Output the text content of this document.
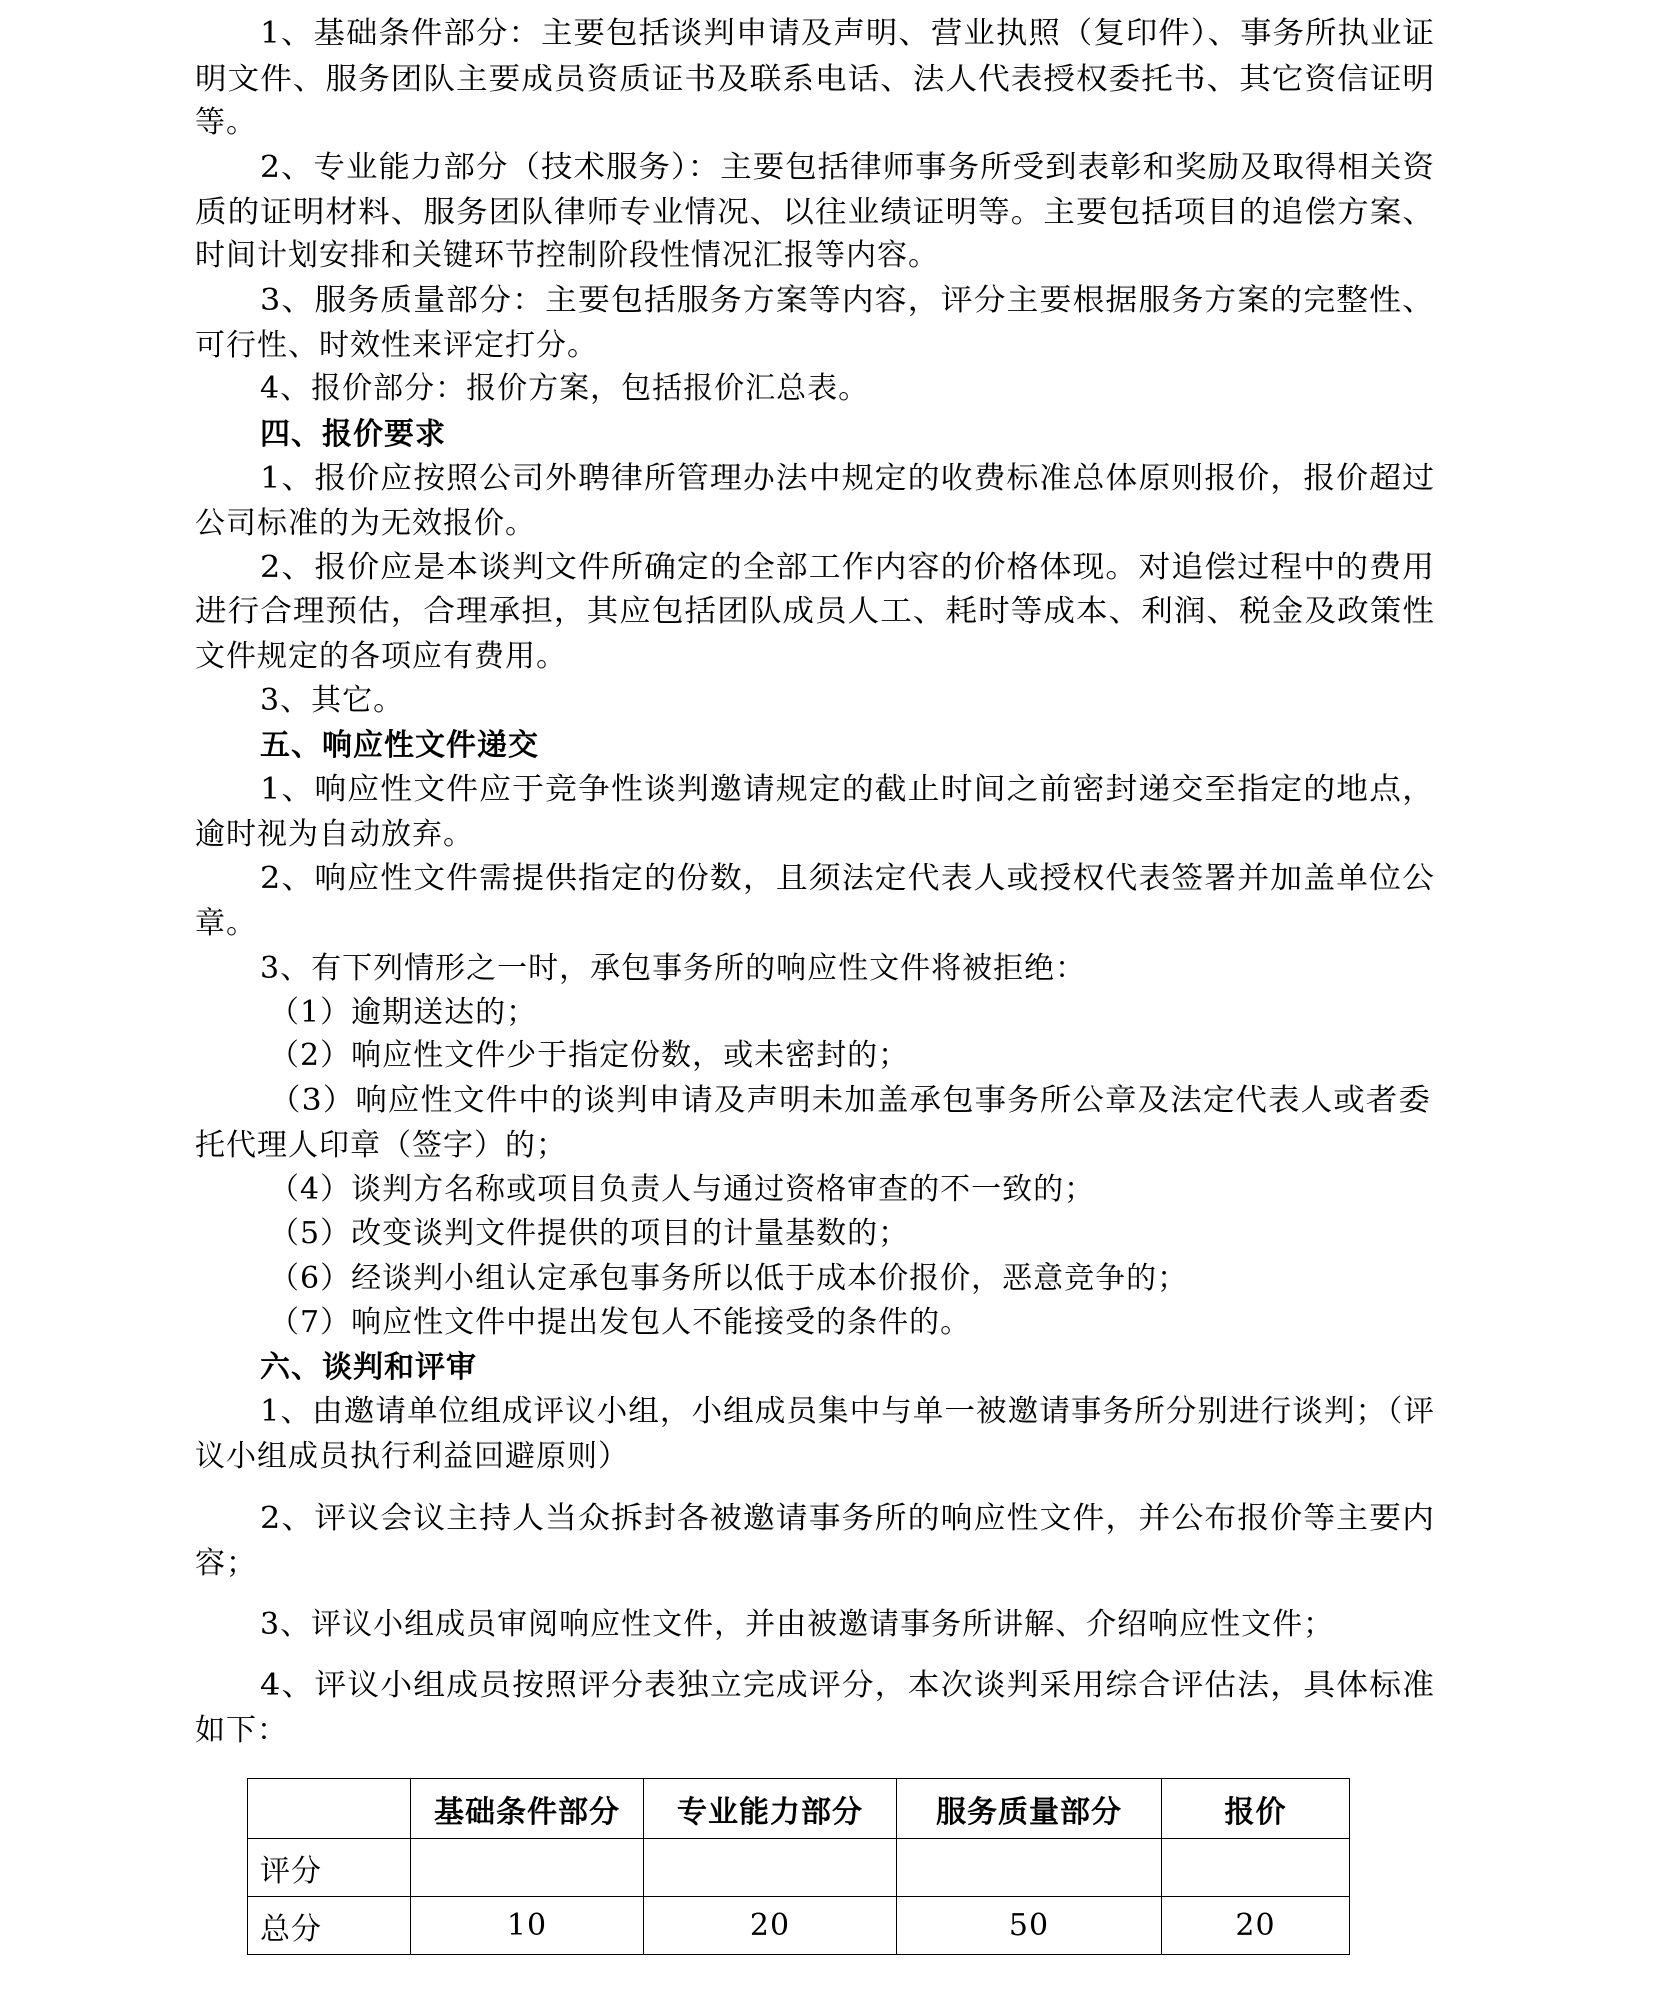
1、基础条件部分：主要包括谈判申请及声明、营业执照（复印件）、事务所执业证
明文件、服务团队主要成员资质证书及联系电话、法人代表授权委托书、其它资信证明
等。
2、专业能力部分（技术服务）：主要包括律师事务所受到表彰和奖励及取得相关资
质的证明材料、服务团队律师专业情况、以往业绩证明等。主要包括项目的追偿方案、
时间计划安排和关键环节控制阶段性情况汇报等内容。
3、服务质量部分：主要包括服务方案等内容，评分主要根据服务方案的完整性、
可行性、时效性来评定打分。
4、报价部分：报价方案，包括报价汇总表。
四、报价要求
1、报价应按照公司外聘律所管理办法中规定的收费标准总体原则报价，报价超过
公司标准的为无效报价。
2、报价应是本谈判文件所确定的全部工作内容的价格体现。对追偿过程中的费用
进行合理预估，合理承担，其应包括团队成员人工、耗时等成本、利润、税金及政策性
文件规定的各项应有费用。
3、其它。
五、响应性文件递交
1、响应性文件应于竞争性谈判邀请规定的截止时间之前密封递交至指定的地点，
逾时视为自动放弃。
2、响应性文件需提供指定的份数，且须法定代表人或授权代表签署并加盖单位公
章。
3、有下列情形之一时，承包事务所的响应性文件将被拒绝：
（1）逾期送达的；
（2）响应性文件少于指定份数，或未密封的；
（3）响应性文件中的谈判申请及声明未加盖承包事务所公章及法定代表人或者委
托代理人印章（签字）的；
（4）谈判方名称或项目负责人与通过资格审查的不一致的；
（5）改变谈判文件提供的项目的计量基数的；
（6）经谈判小组认定承包事务所以低于成本价报价，恶意竞争的；
（7）响应性文件中提出发包人不能接受的条件的。
六、谈判和评审
1、由邀请单位组成评议小组，小组成员集中与单一被邀请事务所分别进行谈判；（评
议小组成员执行利益回避原则）
2、评议会议主持人当众拆封各被邀请事务所的响应性文件，并公布报价等主要内
容；
3、评议小组成员审阅响应性文件，并由被邀请事务所讲解、介绍响应性文件；
4、评议小组成员按照评分表独立完成评分，本次谈判采用综合评估法，具体标准
如下：
	基础条件部分	专业能力部分	服务质量部分	报价
评分				
总分	10	20	50	20
